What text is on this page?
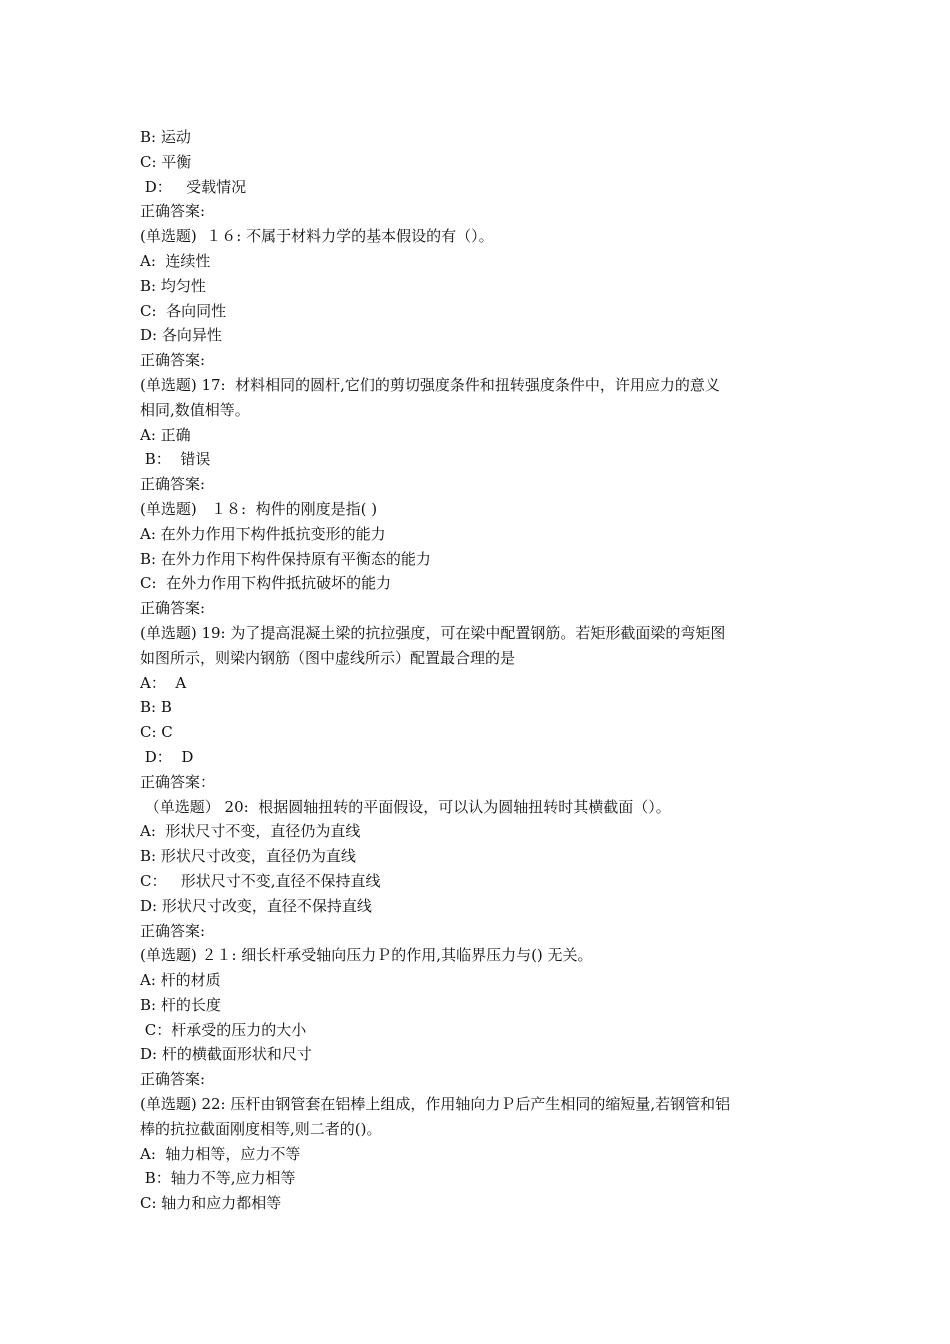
B: 运动
C: 平衡
D：   受载情况
正确答案:
(单选题)  １６: 不属于材料力学的基本假设的有（）。
A:  连续性
B: 均匀性
C:  各向同性
D: 各向异性
正确答案:
(单选题) 17:  材料相同的圆杆,它们的剪切强度条件和扭转强度条件中，许用应力的意义
相同,数值相等。
A: 正确
B：  错误
正确答案:
(单选题)   １８:  构件的刚度是指( )
A: 在外力作用下构件抵抗变形的能力
B: 在外力作用下构件保持原有平衡态的能力
C:  在外力作用下构件抵抗破坏的能力
正确答案:
(单选题) 19: 为了提高混凝土梁的抗拉强度，可在梁中配置钢筋。若矩形截面梁的弯矩图
如图所示，则梁内钢筋（图中虚线所示）配置最合理的是
A：  A
B: B
C: C
D：  D
正确答案：
（单选题） 20:  根据圆轴扭转的平面假设，可以认为圆轴扭转时其横截面（）。
A:  形状尺寸不变，直径仍为直线
B: 形状尺寸改变，直径仍为直线
C：   形状尺寸不变,直径不保持直线
D: 形状尺寸改变，直径不保持直线
正确答案:
(单选题) ２１: 细长杆承受轴向压力Ｐ的作用,其临界压力与() 无关。
A: 杆的材质
B: 杆的长度
C：杆承受的压力的大小
D: 杆的横截面形状和尺寸
正确答案:
(单选题) 22: 压杆由钢管套在铝棒上组成，作用轴向力Ｐ后产生相同的缩短量,若钢管和铝
棒的抗拉截面刚度相等,则二者的()。
A:  轴力相等，应力不等
B：轴力不等,应力相等
C: 轴力和应力都相等
